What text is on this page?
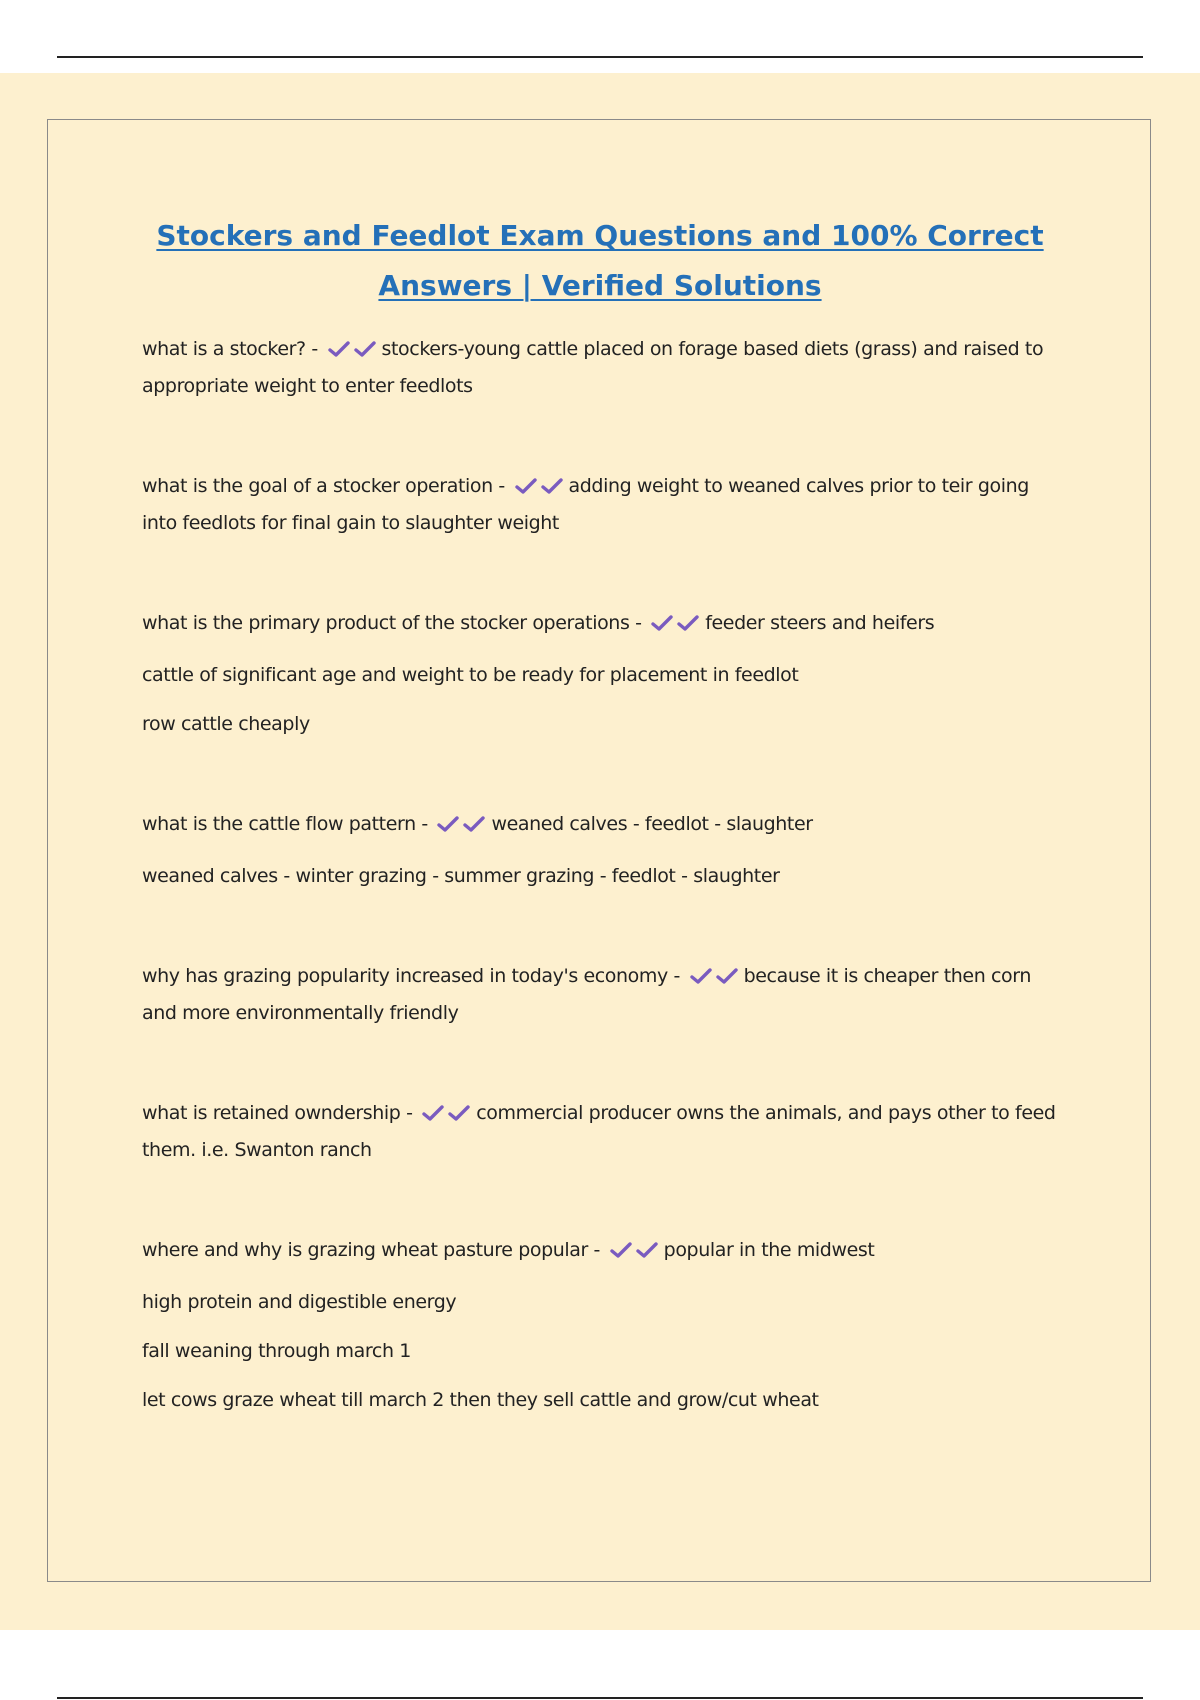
Stockers and Feedlot Exam Questions and 100% Correct Answers | Verified Solutions

what is a stocker? -	stockers-young cattle placed on forage based diets (grass) and raised to appropriate weight to enter feedlots

what is the goal of a stocker operation -	adding weight to weaned calves prior to teir going into feedlots for final gain to slaughter weight

what is the primary product of the stocker operations -	feeder steers and heifers

cattle of significant age and weight to be ready for placement in feedlot

row cattle cheaply

what is the cattle flow pattern -	weaned calves - feedlot - slaughter

weaned calves - winter grazing - summer grazing - feedlot - slaughter

why has grazing popularity increased in today's economy -	because it is cheaper then corn and more environmentally friendly

what is retained owndership -	commercial producer owns the animals, and pays other to feed them. i.e. Swanton ranch

where and why is grazing wheat pasture popular -	popular in the midwest

high protein and digestible energy

fall weaning through march 1

let cows graze wheat till march 2 then they sell cattle and grow/cut wheat
